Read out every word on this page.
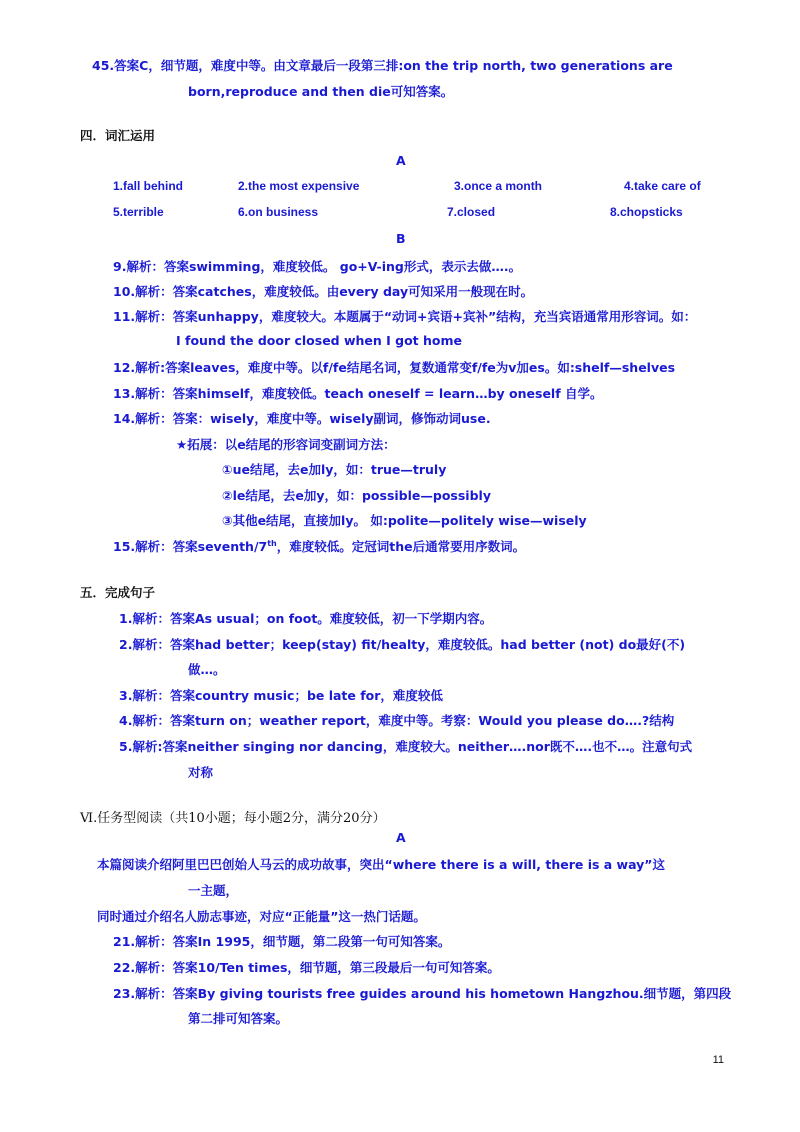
45.答案C，细节题，难度中等。由文章最后一段第三排:on the trip north, two generations are
born,reproduce and then die可知答案。
四．词汇运用
A
1.fall behind	2.the most expensive	3.once a month	4.take care of
5.terrible	6.on business	7.closed	8.chopsticks
B
9.解析：答案swimming，难度较低。 go+V-ing形式，表示去做….。
10.解析：答案catches，难度较低。由every day可知采用一般现在时。
11.解析：答案unhappy，难度较大。本题属于“动词+宾语+宾补”结构，充当宾语通常用形容词。如：
I found the door closed when I got home
12.解析:答案leaves，难度中等。以f/fe结尾名词，复数通常变f/fe为v加es。如:shelf—shelves
13.解析：答案himself，难度较低。teach oneself = learn…by oneself 自学。
14.解析：答案：wisely，难度中等。wisely副词，修饰动词use.
★拓展：以e结尾的形容词变副词方法：
①ue结尾，去e加ly，如：true—truly
②le结尾，去e加y，如：possible—possibly
③其他e结尾，直接加ly。 如:polite—politely wise—wisely
15.解析：答案seventh/7th，难度较低。定冠词the后通常要用序数词。
五．完成句子
1.解析：答案As usual；on foot。难度较低，初一下学期内容。
2.解析：答案had better；keep(stay) fit/healty，难度较低。had better (not) do最好(不)
做…。
3.解析：答案country music；be late for，难度较低
4.解析：答案turn on；weather report，难度中等。考察：Would you please do….?结构
5.解析:答案neither singing nor dancing，难度较大。neither….nor既不….也不…。注意句式
对称
Ⅵ.任务型阅读（共10小题；每小题2分，满分20分）
A
本篇阅读介绍阿里巴巴创始人马云的成功故事，突出“where there is a will, there is a way”这
一主题，
同时通过介绍名人励志事迹，对应“正能量”这一热门话题。
21.解析：答案In 1995，细节题，第二段第一句可知答案。
22.解析：答案10/Ten times，细节题，第三段最后一句可知答案。
23.解析：答案By giving tourists free guides around his hometown Hangzhou.细节题，第四段
第二排可知答案。
11
